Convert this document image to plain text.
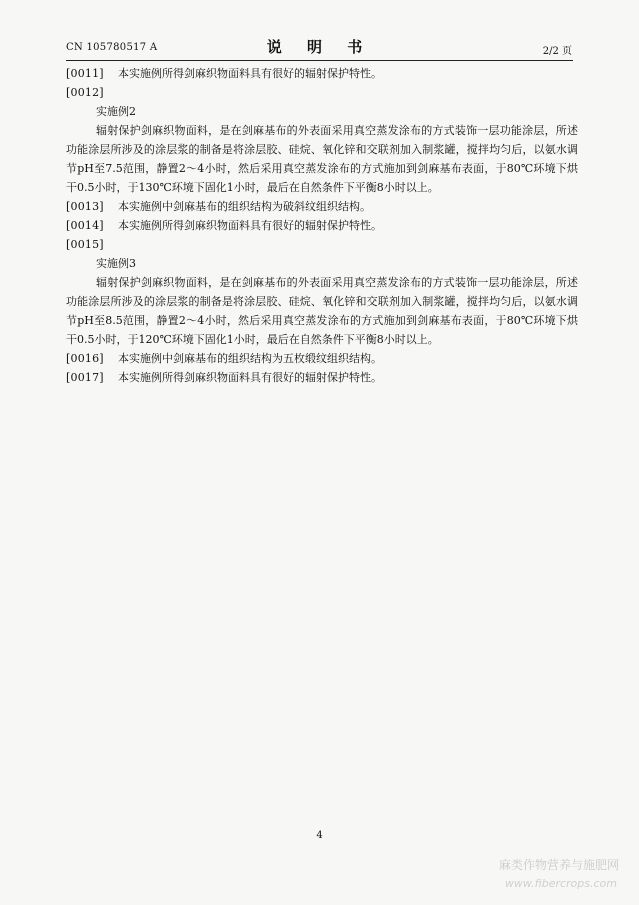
CN 105780517 A	说 明 书	2/2 页

[0011] 本实施例所得剑麻织物面料具有很好的辐射保护特性。

[0012]

实施例2

辐射保护剑麻织物面料，是在剑麻基布的外表面采用真空蒸发涂布的方式装饰一层功能涂层，所述功能涂层所涉及的涂层浆的制备是将涂层胶、硅烷、氧化锌和交联剂加入制浆罐，搅拌均匀后，以氨水调节pH至7.5范围，静置2～4小时，然后采用真空蒸发涂布的方式施加到剑麻基布表面，于80℃环境下烘干0.5小时，于130℃环境下固化1小时，最后在自然条件下平衡8小时以上。

[0013] 本实施例中剑麻基布的组织结构为破斜纹组织结构。

[0014] 本实施例所得剑麻织物面料具有很好的辐射保护特性。

[0015]

实施例3

辐射保护剑麻织物面料，是在剑麻基布的外表面采用真空蒸发涂布的方式装饰一层功能涂层，所述功能涂层所涉及的涂层浆的制备是将涂层胶、硅烷、氧化锌和交联剂加入制浆罐，搅拌均匀后，以氨水调节pH至8.5范围，静置2～4小时，然后采用真空蒸发涂布的方式施加到剑麻基布表面，于80℃环境下烘干0.5小时，于120℃环境下固化1小时，最后在自然条件下平衡8小时以上。

[0016] 本实施例中剑麻基布的组织结构为五枚缎纹组织结构。

[0017] 本实施例所得剑麻织物面料具有很好的辐射保护特性。

4
麻类作物营养与施肥网
www.fibercrops.com
